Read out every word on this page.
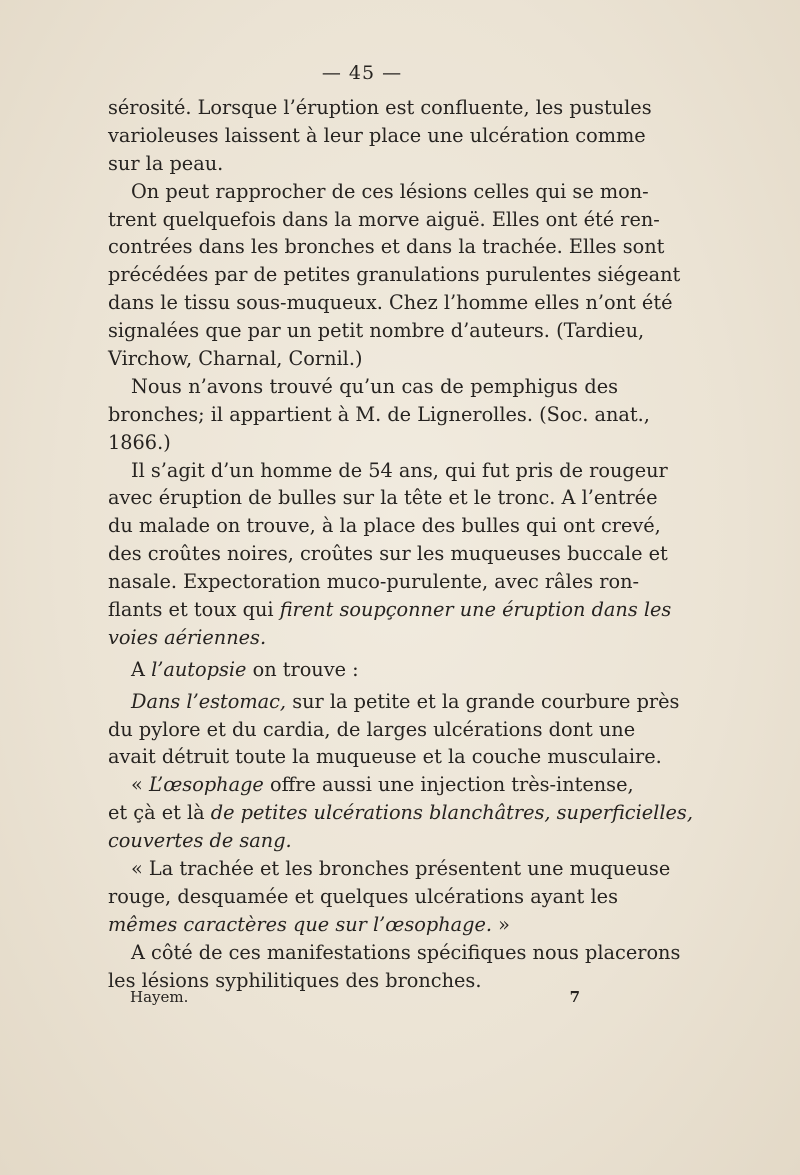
— 45 —
sérosité. Lorsque l’éruption est confluente, les pustules
varioleuses laissent à leur place une ulcération comme
sur la peau.
On peut rapprocher de ces lésions celles qui se mon-
trent quelquefois dans la morve aiguë. Elles ont été ren-
contrées dans les bronches et dans la trachée. Elles sont
précédées par de petites granulations purulentes siégeant
dans le tissu sous-muqueux. Chez l’homme elles n’ont été
signalées que par un petit nombre d’auteurs. (Tardieu,
Virchow, Charnal, Cornil.)
Nous n’avons trouvé qu’un cas de pemphigus des
bronches; il appartient à M. de Lignerolles. (Soc. anat.,
1866.)
Il s’agit d’un homme de 54 ans, qui fut pris de rougeur
avec éruption de bulles sur la tête et le tronc. A l’entrée
du malade on trouve, à la place des bulles qui ont crevé,
des croûtes noires, croûtes sur les muqueuses buccale et
nasale. Expectoration muco-purulente, avec râles ron-
flants et toux qui firent soupçonner une éruption dans les
voies aériennes.
A l’autopsie on trouve :
Dans l’estomac, sur la petite et la grande courbure près
du pylore et du cardia, de larges ulcérations dont une
avait détruit toute la muqueuse et la couche musculaire.
« L’œsophage offre aussi une injection très-intense,
et çà et là de petites ulcérations blanchâtres, superficielles,
couvertes de sang.
« La trachée et les bronches présentent une muqueuse
rouge, desquamée et quelques ulcérations ayant les
mêmes caractères que sur l’œsophage. »
A côté de ces manifestations spécifiques nous placerons
les lésions syphilitiques des bronches.
Hayem.	7
